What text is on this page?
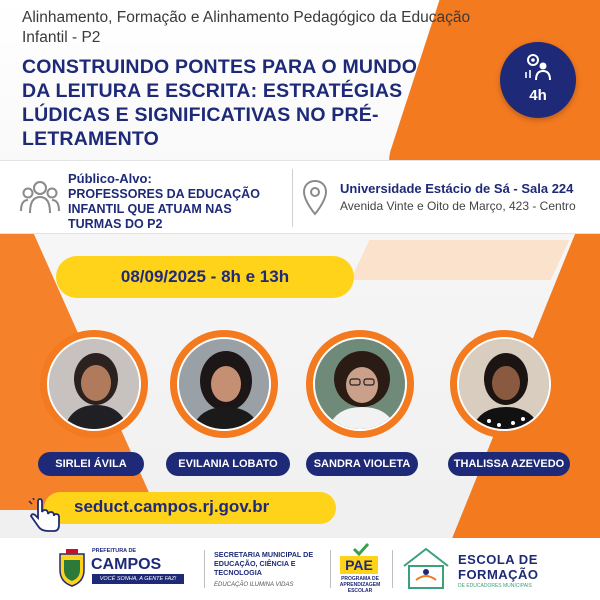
Alinhamento, Formação e Alinhamento Pedagógico da Educação Infantil - P2
CONSTRUINDO PONTES PARA O MUNDO DA LEITURA E ESCRITA: ESTRATÉGIAS LÚDICAS E SIGNIFICATIVAS NO PRÉ-LETRAMENTO
4h
Público-Alvo:
PROFESSORES DA EDUCAÇÃO INFANTIL QUE ATUAM NAS TURMAS DO P2
Universidade Estácio de Sá - Sala 224
Avenida Vinte e Oito de Março, 423 - Centro
08/09/2025 - 8h e 13h
SIRLEI ÁVILA	EVILANIA LOBATO	SANDRA VIOLETA	THALISSA AZEVEDO
seduct.campos.rj.gov.br
PREFEITURA DE
CAMPOS
VOCÊ SONHA, A GENTE FAZ!
SECRETARIA MUNICIPAL DE EDUCAÇÃO, CIÊNCIA E TECNOLOGIA
EDUCAÇÃO ILUMINA VIDAS
PAE
PROGRAMA DE APRENDIZAGEM ESCOLAR
ESCOLA DE
FORMAÇÃO
DE EDUCADORES MUNICIPAIS
